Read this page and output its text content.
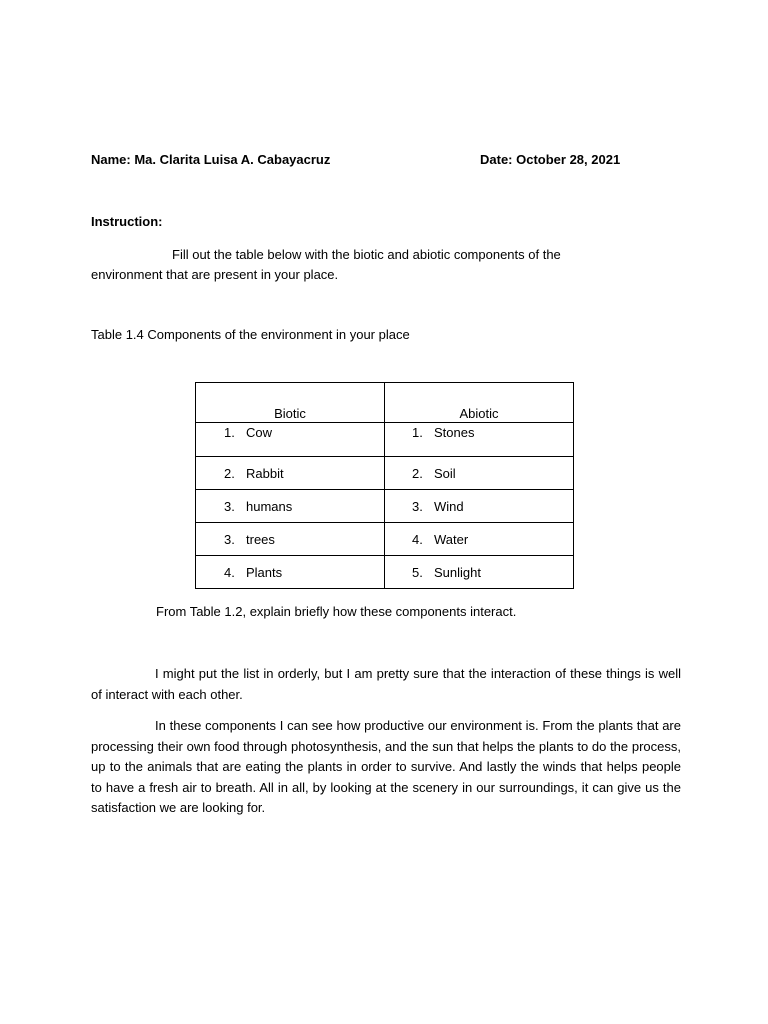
Name: Ma. Clarita Luisa A. Cabayacruz	Date: October 28, 2021
Instruction:
Fill out the table below with the biotic and abiotic components of the environment that are present in your place.
Table 1.4 Components of the environment in your place
Biotic	Abiotic
1. Cow	1. Stones
2. Rabbit	2. Soil
3. humans	3. Wind
3. trees	4. Water
4. Plants	5. Sunlight
From Table 1.2, explain briefly how these components interact.
I might put the list in orderly, but I am pretty sure that the interaction of these things is well of interact with each other.
In these components I can see how productive our environment is. From the plants that are processing their own food through photosynthesis, and the sun that helps the plants to do the process, up to the animals that are eating the plants in order to survive. And lastly the winds that helps people to have a fresh air to breath. All in all, by looking at the scenery in our surroundings, it can give us the satisfaction we are looking for.
